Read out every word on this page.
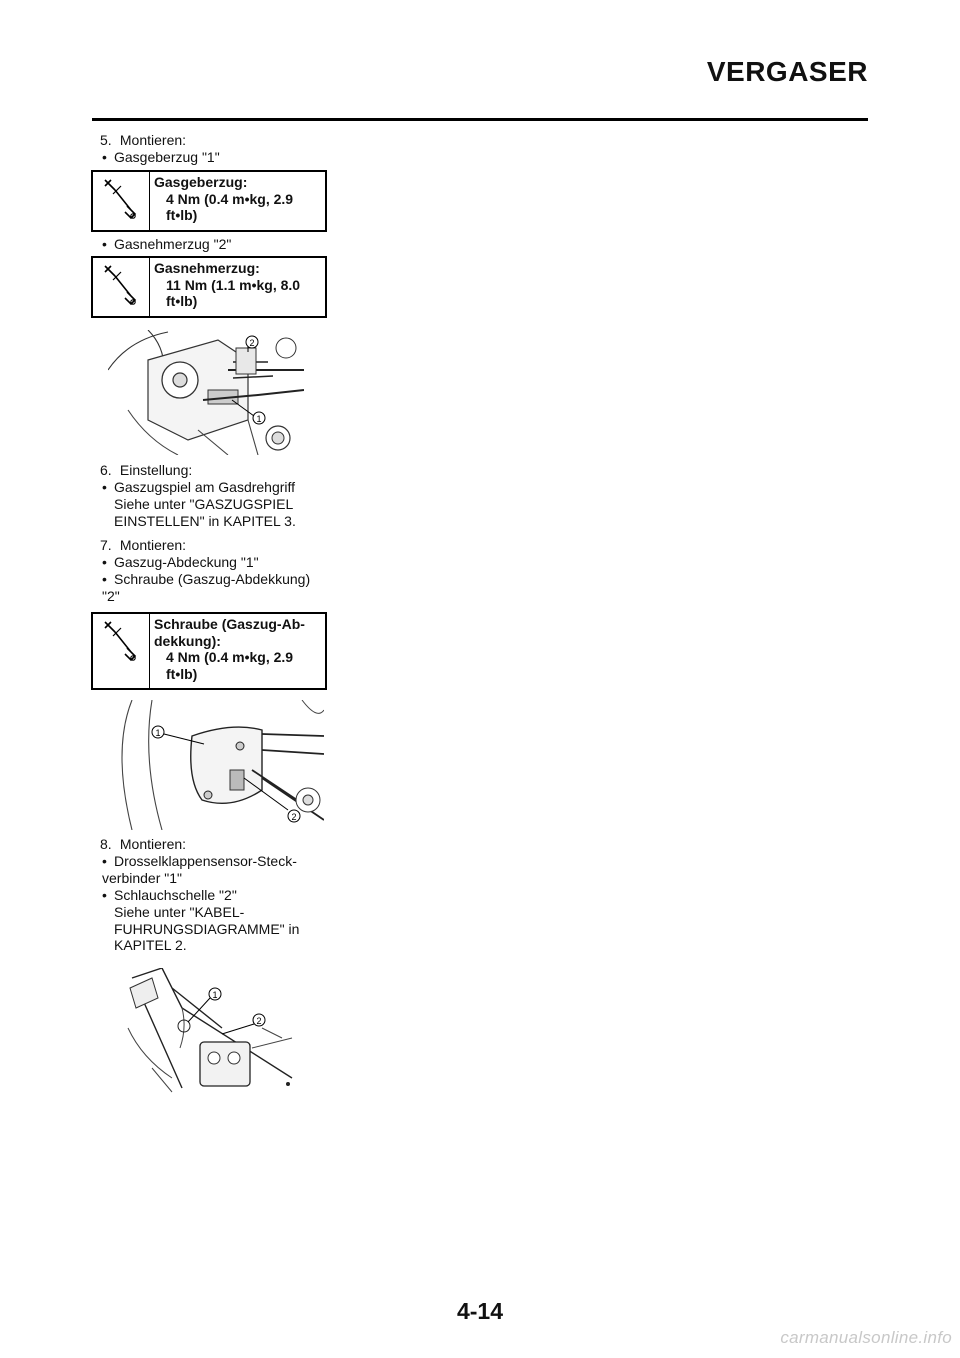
VERGASER
5. Montieren:
• Gasgeberzug "1"
Gasgeberzug:
4 Nm (0.4 m•kg, 2.9 ft•lb)
• Gasnehmerzug "2"
Gasnehmerzug:
11 Nm (1.1 m•kg, 8.0 ft•lb)
2
1
6. Einstellung:
• Gaszugspiel am Gasdrehgriff
Siehe unter "GASZUGSPIEL EINSTELLEN" in KAPITEL 3.
7. Montieren:
• Gaszug-Abdeckung "1"
• Schraube (Gaszug-Abdekkung) "2"
Schraube (Gaszug-Ab-dekkung):
4 Nm (0.4 m•kg, 2.9 ft•lb)
1
2
8. Montieren:
• Drosselklappensensor-Steck-verbinder "1"
• Schlauchschelle "2"
Siehe unter "KABEL-FUHRUNGSDIAGRAMME" in KAPITEL 2.
1
2
4-14
carmanualsonline.info
